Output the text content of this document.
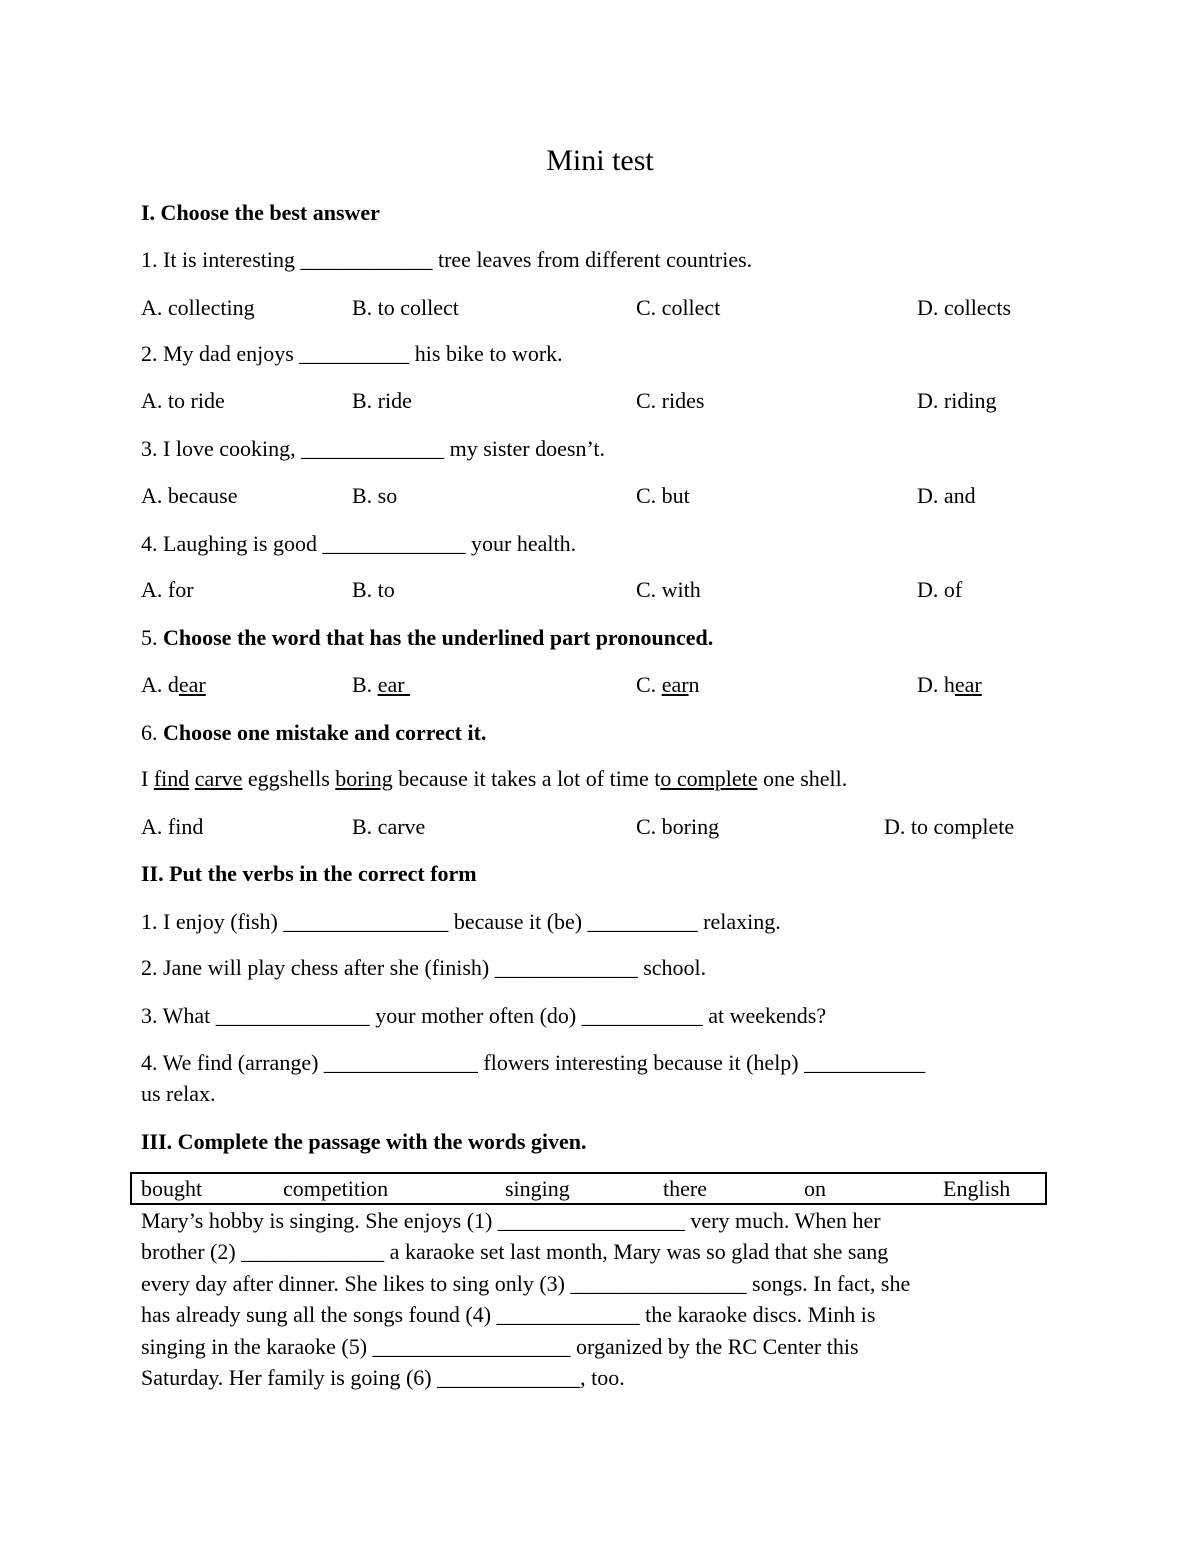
Mini test
I. Choose the best answer
1. It is interesting ____________ tree leaves from different countries.
A. collecting	B. to collect	C. collect	D. collects
2. My dad enjoys __________ his bike to work.
A. to ride	B. ride	C. rides	D. riding
3. I love cooking, _____________ my sister doesn’t.
A. because	B. so	C. but	D. and
4. Laughing is good _____________ your health.
A. for	B. to	C. with	D. of
5. Choose the word that has the underlined part pronounced.
A. dear	B. ear	C. earn	D. hear
6. Choose one mistake and correct it.
I find carve eggshells boring because it takes a lot of time to complete one shell.
A. find	B. carve	C. boring	D. to complete
II. Put the verbs in the correct form
1. I enjoy (fish) _______________ because it (be) __________ relaxing.
2. Jane will play chess after she (finish) _____________ school.
3. What ______________ your mother often (do) ___________ at weekends?
4. We find (arrange) ______________ flowers interesting because it (help) ___________
us relax.
III. Complete the passage with the words given.
bought	competition	singing	there	on	English
Mary’s hobby is singing. She enjoys (1) _________________ very much. When her
brother (2) _____________ a karaoke set last month, Mary was so glad that she sang
every day after dinner. She likes to sing only (3) ________________ songs. In fact, she
has already sung all the songs found (4) _____________ the karaoke discs. Minh is
singing in the karaoke (5) __________________ organized by the RC Center this
Saturday. Her family is going (6) _____________, too.
